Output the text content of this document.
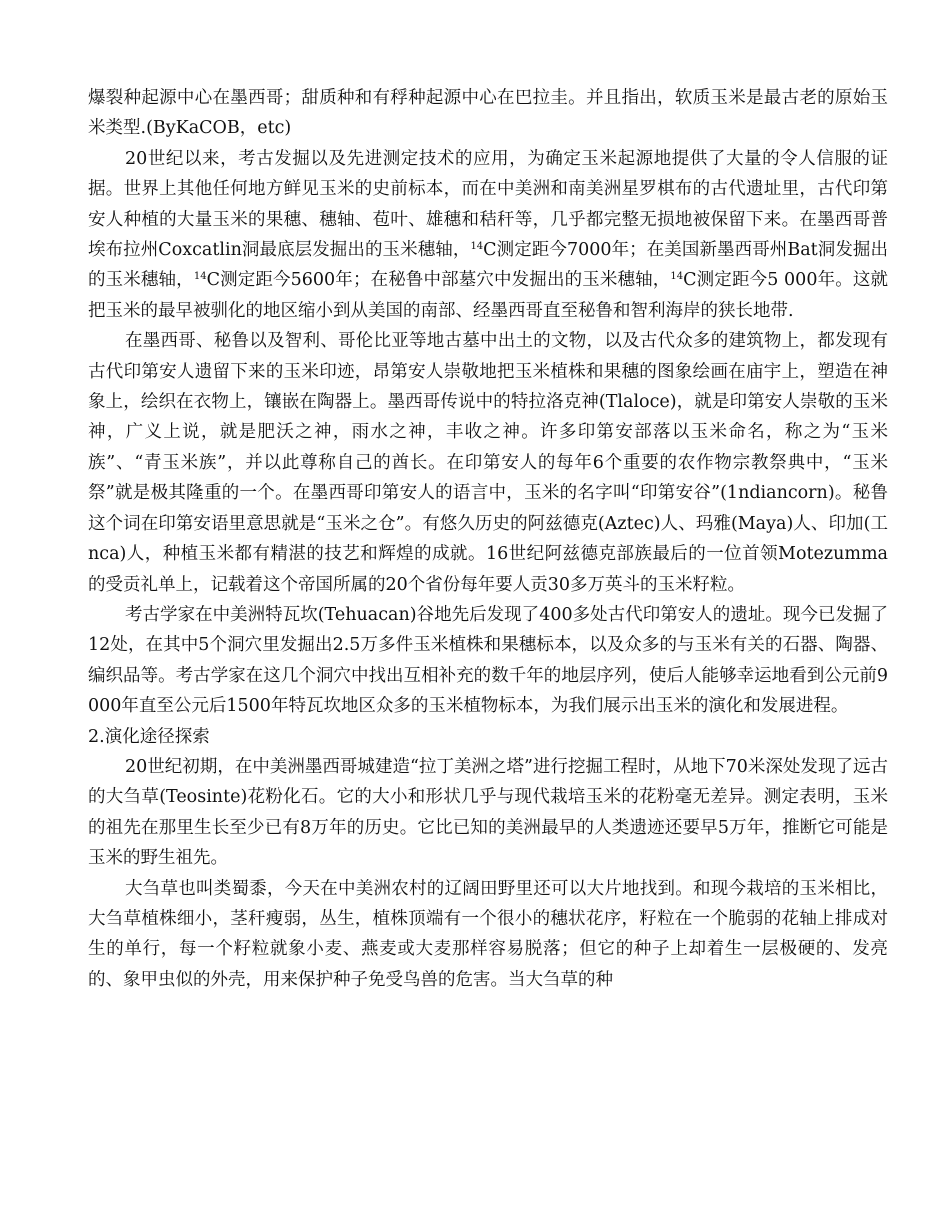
爆裂种起源中心在墨西哥；甜质种和有稃种起源中心在巴拉圭。并且指出，软质玉米是最古老的原始玉米类型.(ByKaCOB，etc)

20世纪以来，考古发掘以及先进测定技术的应用，为确定玉米起源地提供了大量的令人信服的证据。世界上其他任何地方鲜见玉米的史前标本，而在中美洲和南美洲星罗棋布的古代遗址里，古代印第安人种植的大量玉米的果穗、穗轴、苞叶、雄穗和秸秆等，几乎都完整无损地被保留下来。在墨西哥普埃布拉州Coxcatlin洞最底层发掘出的玉米穗轴，$^{14}$C测定距今7000年；在美国新墨西哥州Bat洞发掘出的玉米穗轴，$^{14}$C测定距今5600年；在秘鲁中部墓穴中发掘出的玉米穗轴，$^{14}$C测定距今5 000年。这就把玉米的最早被驯化的地区缩小到从美国的南部、经墨西哥直至秘鲁和智利海岸的狭长地带.

在墨西哥、秘鲁以及智利、哥伦比亚等地古墓中出土的文物，以及古代众多的建筑物上，都发现有古代印第安人遗留下来的玉米印迹，昂第安人崇敬地把玉米植株和果穗的图象绘画在庙宇上，塑造在神象上，绘织在衣物上，镶嵌在陶器上。墨西哥传说中的特拉洛克神(Tlaloce)，就是印第安人崇敬的玉米神，广义上说，就是肥沃之神，雨水之神，丰收之神。许多印第安部落以玉米命名，称之为“玉米族”、“青玉米族”，并以此尊称自己的酋长。在印第安人的每年6个重要的农作物宗教祭典中，“玉米祭”就是极其隆重的一个。在墨西哥印第安人的语言中，玉米的名字叫“印第安谷”(1ndiancorn)。秘鲁这个词在印第安语里意思就是“玉米之仓”。有悠久历史的阿兹德克(Aztec)人、玛雅(Maya)人、印加(工nca)人，种植玉米都有精湛的技艺和辉煌的成就。16世纪阿兹德克部族最后的一位首领Motezumma的受贡礼单上，记载着这个帝国所属的20个省份每年要人贡30多万英斗的玉米籽粒。

考古学家在中美洲特瓦坎(Tehuacan)谷地先后发现了400多处古代印第安人的遗址。现今已发掘了12处，在其中5个洞穴里发掘出2.5万多件玉米植株和果穗标本，以及众多的与玉米有关的石器、陶器、编织品等。考古学家在这几个洞穴中找出互相补充的数千年的地层序列，使后人能够幸运地看到公元前9000年直至公元后1500年特瓦坎地区众多的玉米植物标本，为我们展示出玉米的演化和发展进程。

2.演化途径探索

20世纪初期，在中美洲墨西哥城建造“拉丁美洲之塔”进行挖掘工程时，从地下70米深处发现了远古的大刍草(Teosinte)花粉化石。它的大小和形状几乎与现代栽培玉米的花粉毫无差异。测定表明，玉米的祖先在那里生长至少已有8万年的历史。它比已知的美洲最早的人类遗迹还要早5万年，推断它可能是玉米的野生祖先。

大刍草也叫类蜀黍，今天在中美洲农村的辽阔田野里还可以大片地找到。和现今栽培的玉米相比，大刍草植株细小，茎秆瘦弱，丛生，植株顶端有一个很小的穗状花序，籽粒在一个脆弱的花轴上排成对生的单行，每一个籽粒就象小麦、燕麦或大麦那样容易脱落；但它的种子上却着生一层极硬的、发亮的、象甲虫似的外壳，用来保护种子免受鸟兽的危害。当大刍草的种
